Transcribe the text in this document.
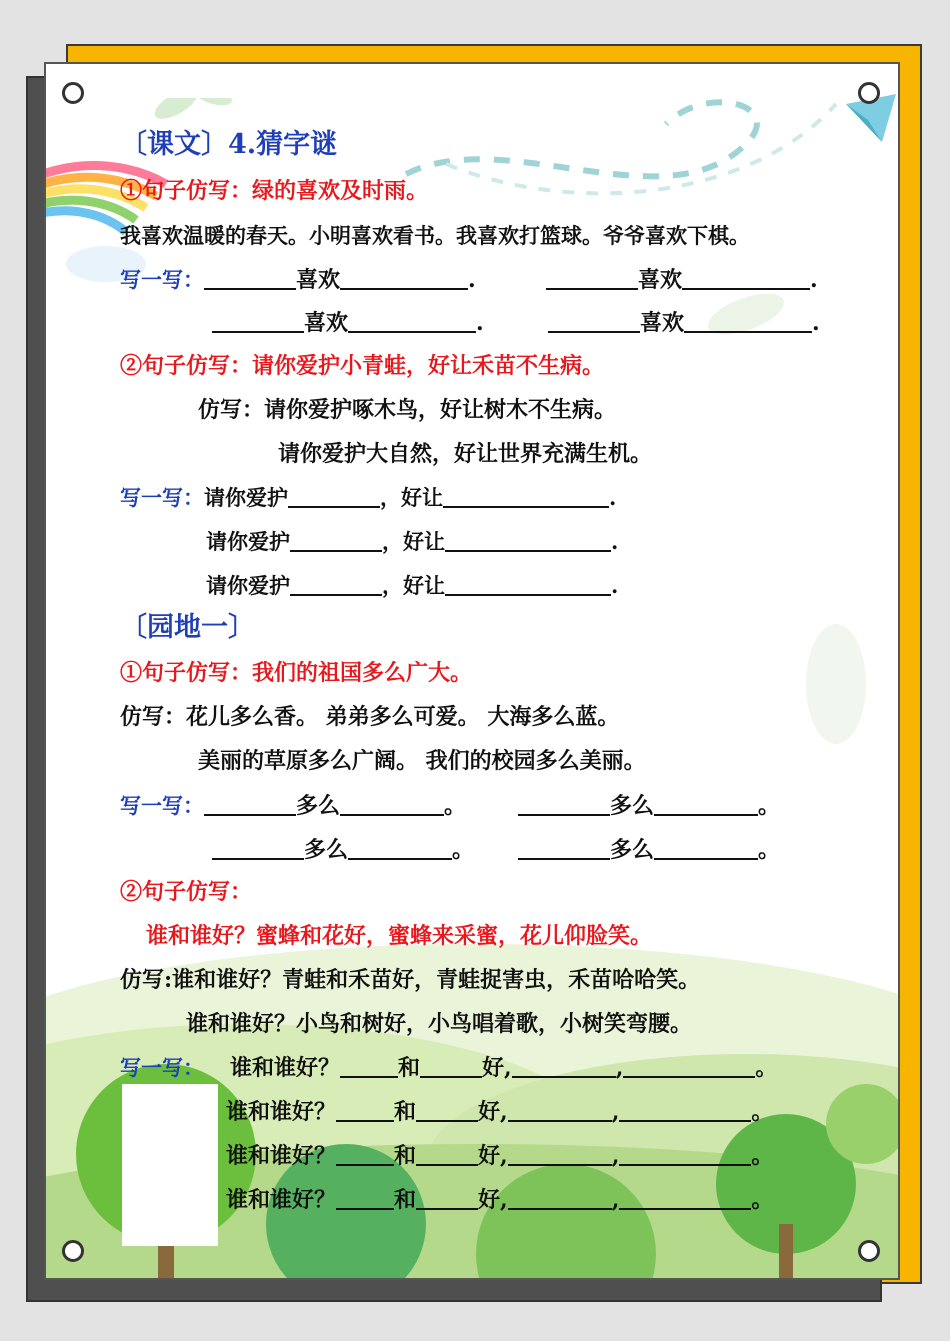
〔课文〕4.猜字谜
①句子仿写：绿的喜欢及时雨。
我喜欢温暖的春天。小明喜欢看书。我喜欢打篮球。爷爷喜欢下棋。
写一写：	喜欢	.	喜欢	.
喜欢	.	喜欢	.
②句子仿写：请你爱护小青蛙，好让禾苗不生病。
仿写：请你爱护啄木鸟，好让树木不生病。
请你爱护大自然，好让世界充满生机。
写一写：请你爱护	，好让	.
请你爱护	，好让	.
请你爱护	，好让	.
〔园地一〕
①句子仿写：我们的祖国多么广大。
仿写：花儿多么香。 弟弟多么可爱。 大海多么蓝。
美丽的草原多么广阔。 我们的校园多么美丽。
写一写：	多么	。	多么	。
多么	。	多么	。
②句子仿写：
谁和谁好？蜜蜂和花好，蜜蜂来采蜜，花儿仰脸笑。
仿写:谁和谁好？青蛙和禾苗好，青蛙捉害虫，禾苗哈哈笑。
谁和谁好？小鸟和树好，小鸟唱着歌，小树笑弯腰。
写一写： 谁和谁好？	和	好,	,	。
谁和谁好？	和	好,	,	。
谁和谁好？	和	好,	,	。
谁和谁好？	和	好,	,	。
